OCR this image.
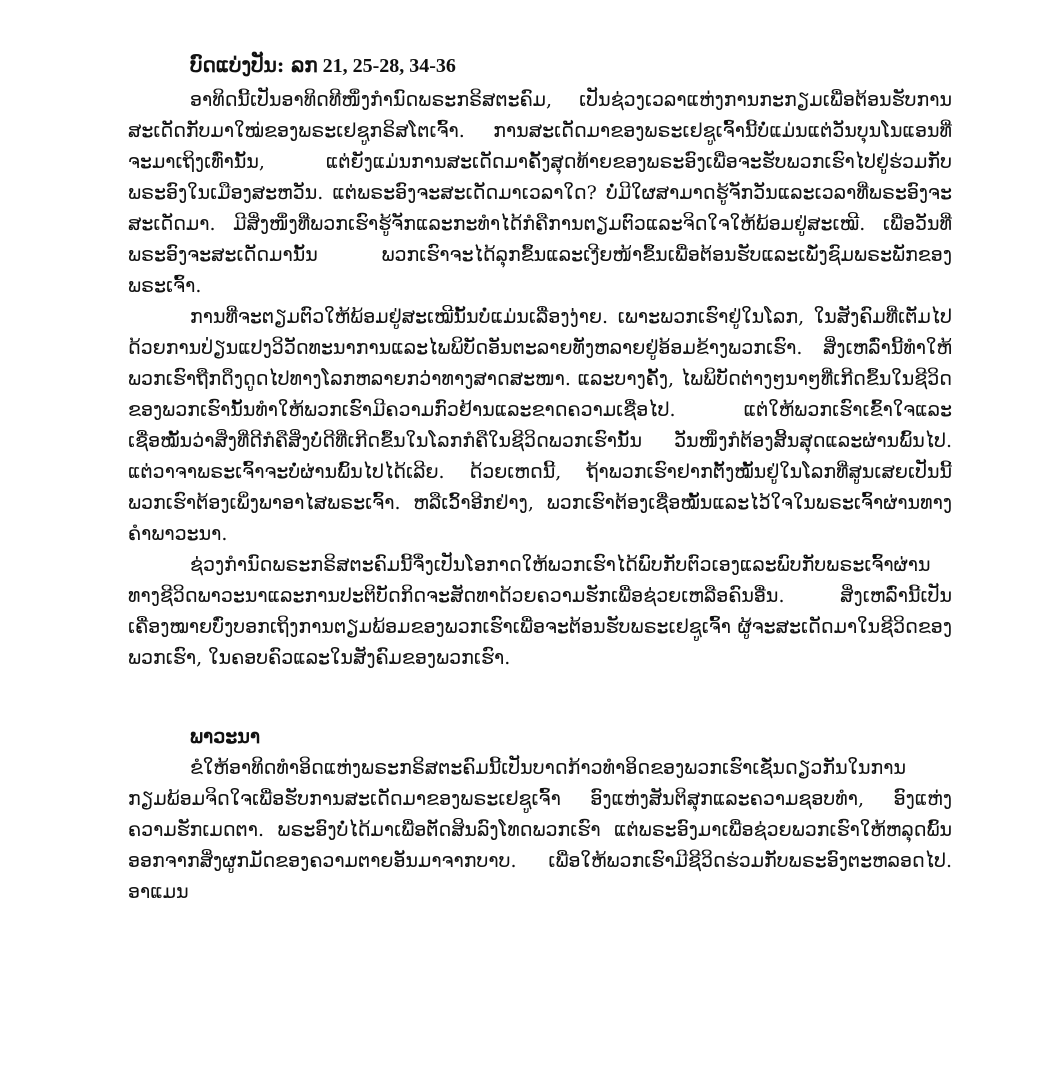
ບົດແບ່ງປັນ: ລກ 21, 25-28, 34-36

ອາທິດນີ້ເປັນອາທິດທີໜຶ່ງກຳນົດພຣະກຣິສຕະຄົມ, ເປັນຊ່ວງເວລາແຫ່ງການກະກຽມເພື່ອຕ້ອນຮັບການສະເດັດກັບມາໃໝ່ຂອງພຣະເຢຊູກຣິສໂຕເຈົ້າ. ການສະເດັດມາຂອງພຣະເຢຊູເຈົ້ານີ້ບໍ່ແມ່ນແຕ່ວັນບຸນໂນແອນທີ່ຈະມາເຖິງເທົ່ານັ້ນ, ແຕ່ຍັງແມ່ນການສະເດັດມາຄັ້ງສຸດທ້າຍຂອງພຣະອົງເພື່ອຈະຮັບພວກເຮົາໄປຢູ່ຮ່ວມກັບພຣະອົງໃນເມືອງສະຫວັນ. ແຕ່ພຣະອົງຈະສະເດັດມາເວລາໃດ? ບໍ່ມີໃຜສາມາດຮູ້ຈັກວັນແລະເວລາທີ່ພຣະອົງຈະສະເດັດມາ. ມີສິ່ງໜຶ່ງທີ່ພວກເຮົາຮູ້ຈັກແລະກະທຳໄດ້ກໍຄືການຕຽມຕົວແລະຈິດໃຈໃຫ້ພ້ອມຢູ່ສະເໝີ. ເພື່ອວັນທີ່ພຣະອົງຈະສະເດັດມານັ້ນ ພວກເຮົາຈະໄດ້ລຸກຂຶ້ນແລະເງີຍໜ້າຂຶ້ນເພື່ອຕ້ອນຮັບແລະເພັ່ງຊົມພຣະພັກຂອງພຣະເຈົ້າ.

ການທີ່ຈະຕຽມຕົວໃຫ້ພ້ອມຢູ່ສະເໝີນັ້ນບໍ່ແມ່ນເລື່ອງງ່າຍ. ເພາະພວກເຮົາຢູ່ໃນໂລກ, ໃນສັງຄົມທີ່ເຕັມໄປດ້ວຍການປ່ຽນແປງວິວັດທະນາການແລະໄພພິບັດອັນຕະລາຍທັງຫລາຍຢູ່ອ້ອມຂ້າງພວກເຮົາ. ສິ່ງເຫລົ່ານີ້ທຳໃຫ້ພວກເຮົາຖືກດຶງດູດໄປທາງໂລກຫລາຍກວ່າທາງສາດສະໜາ. ແລະບາງຄັ້ງ, ໄພພິບັດຕ່າງໆນາໆທີ່ເກີດຂຶ້ນໃນຊີວິດຂອງພວກເຮົານັ້ນທຳໃຫ້ພວກເຮົາມີຄວາມກົວຢ້ານແລະຂາດຄວາມເຊື່ອໄປ. ແຕ່ໃຫ້ພວກເຮົາເຂົ້າໃຈແລະເຊື່ອໝັ້ນວ່າສິ່ງທີ່ດີກໍຄືສິ່ງບໍ່ດີທີ່ເກີດຂຶ້ນໃນໂລກກໍຄືໃນຊີວິດພວກເຮົານັ້ນ ວັນໜຶ່ງກໍຕ້ອງສິ້ນສຸດແລະຜ່ານພົ້ນໄປ. ແຕ່ວາຈາພຣະເຈົ້າຈະບໍ່ຜ່ານພົ້ນໄປໄດ້ເລີຍ. ດ້ວຍເຫດນີ້, ຖ້າພວກເຮົາຢາກຕັ້ງໝັ້ນຢູ່ໃນໂລກທີ່ສູນເສຍເປັນນີ້ ພວກເຮົາຕ້ອງເພິ່ງພາອາໄສພຣະເຈົ້າ. ຫລືເວົ້າອີກຢ່າງ, ພວກເຮົາຕ້ອງເຊື່ອໝັ້ນແລະໄວ້ໃຈໃນພຣະເຈົ້າຜ່ານທາງຄຳພາວະນາ.

ຊ່ວງກຳນົດພຣະກຣິສຕະຄົມນີ້ຈຶ່ງເປັນໂອກາດໃຫ້ພວກເຮົາໄດ້ພົບກັບຕົວເອງແລະພົບກັບພຣະເຈົ້າຜ່ານທາງຊີວິດພາວະນາແລະການປະຕິບັດກິດຈະສັດທາດ້ວຍຄວາມຮັກເພື່ອຊ່ວຍເຫລືອຄົນອື່ນ. ສິ່ງເຫລົ່ານີ້ເປັນເຄື່ອງໝາຍບົ່ງບອກເຖິງການຕຽມພ້ອມຂອງພວກເຮົາເພື່ອຈະຕ້ອນຮັບພຣະເຢຊູເຈົ້າ ຜູ້ຈະສະເດັດມາໃນຊີວິດຂອງພວກເຮົາ, ໃນຄອບຄົວແລະໃນສັງຄົມຂອງພວກເຮົາ.

ພາວະນາ

ຂໍໃຫ້ອາທິດທຳອິດແຫ່ງພຣະກຣິສຕະຄົມນີ້ເປັນບາດກ້າວທຳອິດຂອງພວກເຮົາເຊັ່ນດຽວກັນໃນການກຽມພ້ອມຈິດໃຈເພື່ອຮັບການສະເດັດມາຂອງພຣະເຢຊູເຈົ້າ ອົງແຫ່ງສັນຕິສຸກແລະຄວາມຊອບທຳ, ອົງແຫ່ງຄວາມຮັກເມດຕາ. ພຣະອົງບໍ່ໄດ້ມາເພື່ອຕັດສິນລົງໂທດພວກເຮົາ ແຕ່ພຣະອົງມາເພື່ອຊ່ວຍພວກເຮົາໃຫ້ຫລຸດພົ້ນອອກຈາກສິ່ງຜູກມັດຂອງຄວາມຕາຍອັນມາຈາກບາບ. ເພື່ອໃຫ້ພວກເຮົາມີຊີວິດຮ່ວມກັບພຣະອົງຕະຫລອດໄປ. ອາແມນ
